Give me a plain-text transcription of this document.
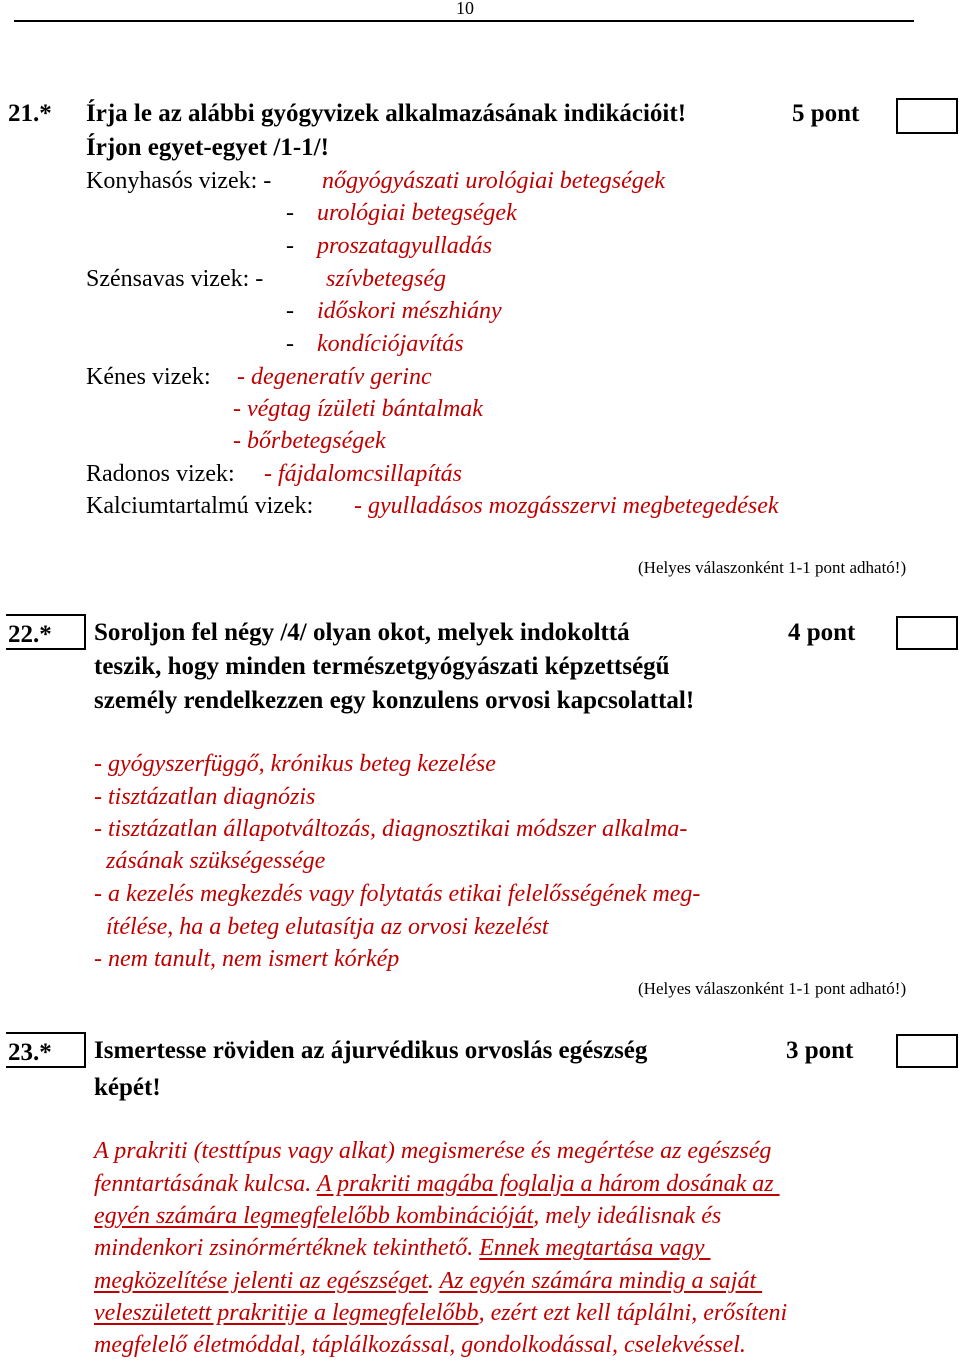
10
21.* Írja le az alábbi gyógyvizek alkalmazásának indikációit!	5 pont
Írjon egyet-egyet /1-1/!
Konyhasós vizek: - nőgyógyászati urológiai betegségek
- urológiai betegségek
- proszatagyulladás
Szénsavas vizek: -	szívbetegség
- időskori mészhiány
- kondíciójavítás
Kénes vizek: - degeneratív gerinc
- végtag ízületi bántalmak
- bőrbetegségek
Radonos vizek: - fájdalomcsillapítás
Kalciumtartalmú vizek: - gyulladásos mozgásszervi megbetegedések
(Helyes válaszonként 1-1 pont adható!)
22.*	Soroljon fel négy /4/ olyan okot, melyek indokolttá	4 pont
teszik, hogy minden természetgyógyászati képzettségű
személy rendelkezzen egy konzulens orvosi kapcsolattal!
- gyógyszerfüggő, krónikus beteg kezelése
- tisztázatlan diagnózis
- tisztázatlan állapotváltozás, diagnosztikai módszer alkalma-
zásának szükségessége
- a kezelés megkezdés vagy folytatás etikai felelősségének meg-
ítélése, ha a beteg elutasítja az orvosi kezelést
- nem tanult, nem ismert kórkép
(Helyes válaszonként 1-1 pont adható!)
23.*	Ismertesse röviden az ájurvédikus orvoslás egészség	3 pont
képét!
A prakriti (testtípus vagy alkat) megismerése és megértése az egészség
fenntartásának kulcsa. A prakriti magába foglalja a három dosának az
egyén számára legmegfelelőbb kombinációját, mely ideálisnak és
mindenkori zsinórmértéknek tekinthető. Ennek megtartása vagy
megközelítése jelenti az egészséget. Az egyén számára mindig a saját
veleszületett prakritije a legmegfelelőbb, ezért ezt kell táplálni, erősíteni
megfelelő életmóddal, táplálkozással, gondolkodással, cselekvéssel.
